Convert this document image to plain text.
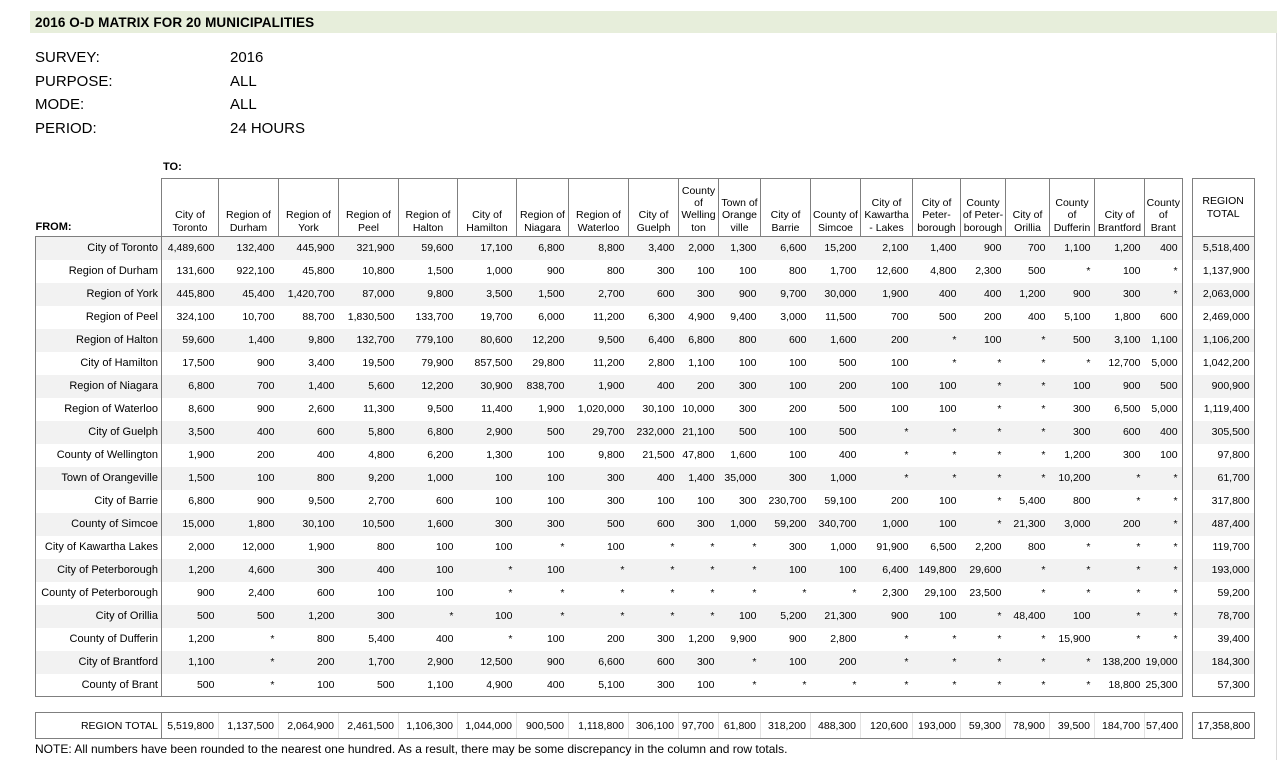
2016 O-D MATRIX FOR 20 MUNICIPALITIES
SURVEY:	2016
PURPOSE:	ALL
MODE:	ALL
PERIOD:	24 HOURS
TO:
FROM:	City of Toronto	Region of Durham	Region of York	Region of Peel	Region of Halton	City of Hamilton	Region of Niagara	Region of Waterloo	City of Guelph	County of Welling ton	Town of Orange ville	City of Barrie	County of Simcoe	City of Kawartha - Lakes	City of Peter-borough	County of Peter-borough	City of Orillia	County of Dufferin	City of Brantford	County of Brant		REGION TOTAL
City of Toronto	4,489,600	132,400	445,900	321,900	59,600	17,100	6,800	8,800	3,400	2,000	1,300	6,600	15,200	2,100	1,400	900	700	1,100	1,200	400		5,518,400
Region of Durham	131,600	922,100	45,800	10,800	1,500	1,000	900	800	300	100	100	800	1,700	12,600	4,800	2,300	500	*	100	*		1,137,900
Region of York	445,800	45,400	1,420,700	87,000	9,800	3,500	1,500	2,700	600	300	900	9,700	30,000	1,900	400	400	1,200	900	300	*		2,063,000
Region of Peel	324,100	10,700	88,700	1,830,500	133,700	19,700	6,000	11,200	6,300	4,900	9,400	3,000	11,500	700	500	200	400	5,100	1,800	600		2,469,000
Region of Halton	59,600	1,400	9,800	132,700	779,100	80,600	12,200	9,500	6,400	6,800	800	600	1,600	200	*	100	*	500	3,100	1,100		1,106,200
City of Hamilton	17,500	900	3,400	19,500	79,900	857,500	29,800	11,200	2,800	1,100	100	100	500	100	*	*	*	*	12,700	5,000		1,042,200
Region of Niagara	6,800	700	1,400	5,600	12,200	30,900	838,700	1,900	400	200	300	100	200	100	100	*	*	100	900	500		900,900
Region of Waterloo	8,600	900	2,600	11,300	9,500	11,400	1,900	1,020,000	30,100	10,000	300	200	500	100	100	*	*	300	6,500	5,000		1,119,400
City of Guelph	3,500	400	600	5,800	6,800	2,900	500	29,700	232,000	21,100	500	100	500	*	*	*	*	300	600	400		305,500
County of Wellington	1,900	200	400	4,800	6,200	1,300	100	9,800	21,500	47,800	1,600	100	400	*	*	*	*	1,200	300	100		97,800
Town of Orangeville	1,500	100	800	9,200	1,000	100	100	300	400	1,400	35,000	300	1,000	*	*	*	*	10,200	*	*		61,700
City of Barrie	6,800	900	9,500	2,700	600	100	100	300	100	100	300	230,700	59,100	200	100	*	5,400	800	*	*		317,800
County of Simcoe	15,000	1,800	30,100	10,500	1,600	300	300	500	600	300	1,000	59,200	340,700	1,000	100	*	21,300	3,000	200	*		487,400
City of Kawartha Lakes	2,000	12,000	1,900	800	100	100	*	100	*	*	*	300	1,000	91,900	6,500	2,200	800	*	*	*		119,700
City of Peterborough	1,200	4,600	300	400	100	*	100	*	*	*	*	100	100	6,400	149,800	29,600	*	*	*	*		193,000
County of Peterborough	900	2,400	600	100	100	*	*	*	*	*	*	*	*	2,300	29,100	23,500	*	*	*	*		59,200
City of Orillia	500	500	1,200	300	*	100	*	*	*	*	100	5,200	21,300	900	100	*	48,400	100	*	*		78,700
County of Dufferin	1,200	*	800	5,400	400	*	100	200	300	1,200	9,900	900	2,800	*	*	*	*	15,900	*	*		39,400
City of Brantford	1,100	*	200	1,700	2,900	12,500	900	6,600	600	300	*	100	200	*	*	*	*	*	138,200	19,000		184,300
County of Brant	500	*	100	500	1,100	4,900	400	5,100	300	100	*	*	*	*	*	*	*	*	18,800	25,300		57,300
REGION TOTAL	5,519,800	1,137,500	2,064,900	2,461,500	1,106,300	1,044,000	900,500	1,118,800	306,100	97,700	61,800	318,200	488,300	120,600	193,000	59,300	78,900	39,500	184,700	57,400		17,358,800
NOTE: All numbers have been rounded to the nearest one hundred. As a result, there may be some discrepancy in the column and row totals.
